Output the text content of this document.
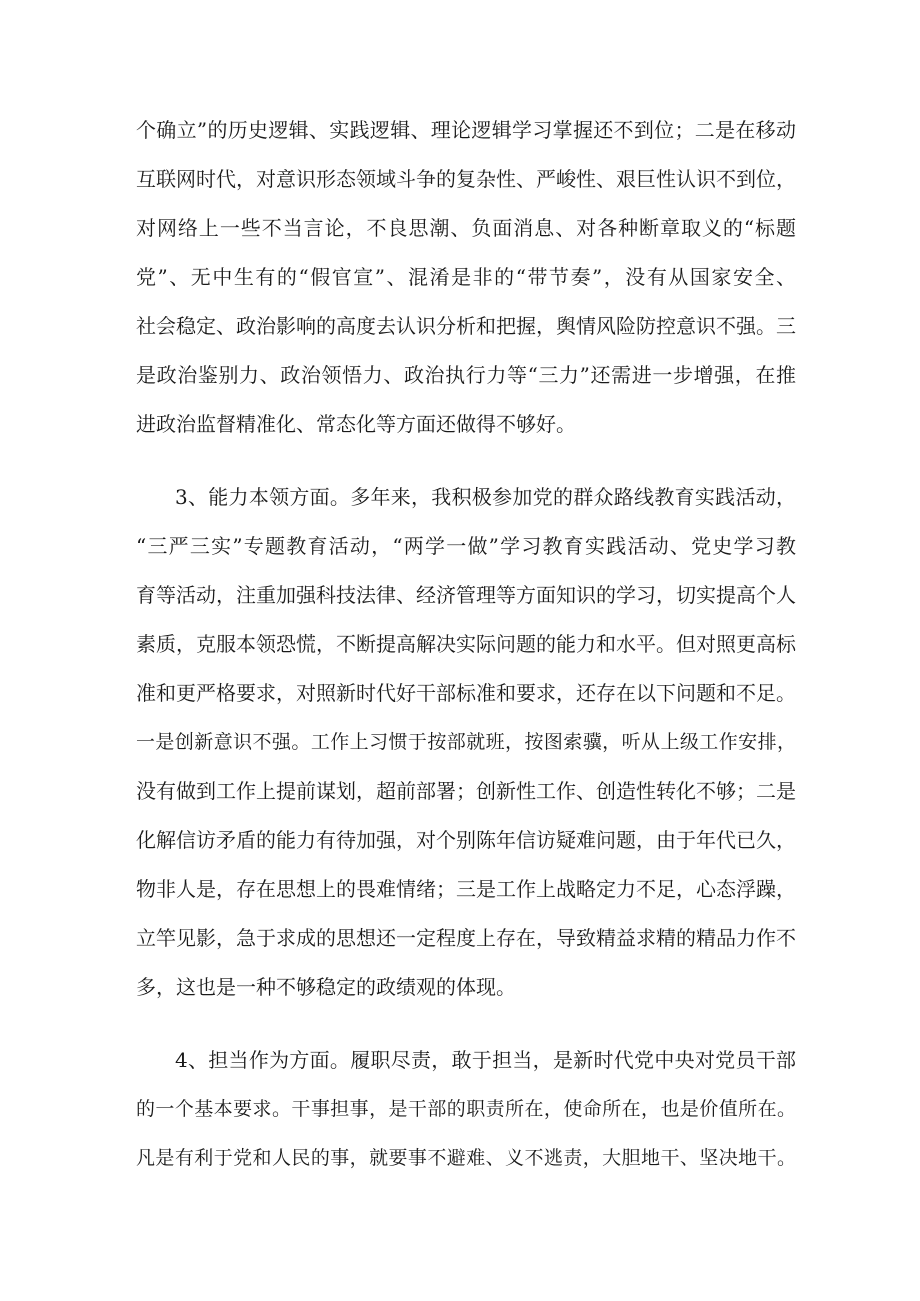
个确立”的历史逻辑、实践逻辑、理论逻辑学习掌握还不到位；二是在移动
互联网时代，对意识形态领域斗争的复杂性、严峻性、艰巨性认识不到位，
对网络上一些不当言论，不良思潮、负面消息、对各种断章取义的“标题
党”、无中生有的“假官宣”、混淆是非的“带节奏”，没有从国家安全、
社会稳定、政治影响的高度去认识分析和把握，舆情风险防控意识不强。三
是政治鉴别力、政治领悟力、政治执行力等“三力”还需进一步增强，在推
进政治监督精准化、常态化等方面还做得不够好。
3、能力本领方面。多年来，我积极参加党的群众路线教育实践活动，
“三严三实”专题教育活动，“两学一做”学习教育实践活动、党史学习教
育等活动，注重加强科技法律、经济管理等方面知识的学习，切实提高个人
素质，克服本领恐慌，不断提高解决实际问题的能力和水平。但对照更高标
准和更严格要求，对照新时代好干部标准和要求，还存在以下问题和不足。
一是创新意识不强。工作上习惯于按部就班，按图索骥，听从上级工作安排，
没有做到工作上提前谋划，超前部署；创新性工作、创造性转化不够；二是
化解信访矛盾的能力有待加强，对个别陈年信访疑难问题，由于年代已久，
物非人是，存在思想上的畏难情绪；三是工作上战略定力不足，心态浮躁，
立竿见影，急于求成的思想还一定程度上存在，导致精益求精的精品力作不
多，这也是一种不够稳定的政绩观的体现。
4、担当作为方面。履职尽责，敢于担当，是新时代党中央对党员干部
的一个基本要求。干事担事，是干部的职责所在，使命所在，也是价值所在。
凡是有利于党和人民的事，就要事不避难、义不逃责，大胆地干、坚决地干。
